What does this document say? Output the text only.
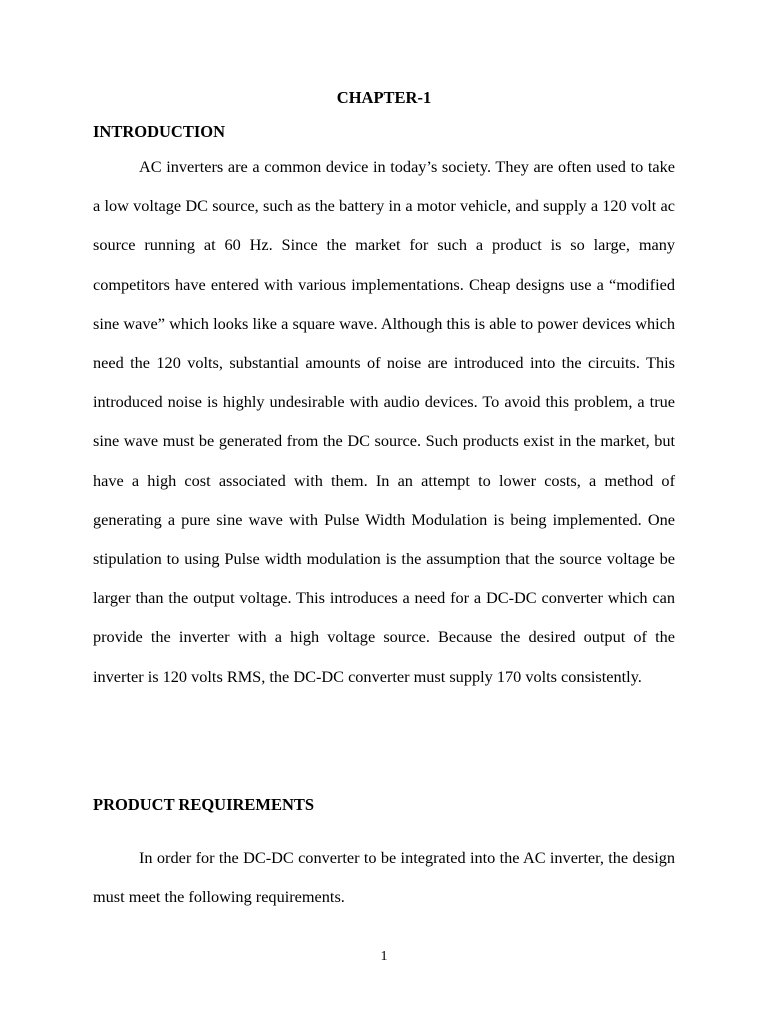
CHAPTER-1
INTRODUCTION

AC inverters are a common device in today’s society. They are often used to take a low voltage DC source, such as the battery in a motor vehicle, and supply a 120 volt ac source running at 60 Hz. Since the market for such a product is so large, many competitors have entered with various implementations. Cheap designs use a “modified sine wave” which looks like a square wave. Although this is able to power devices which need the 120 volts, substantial amounts of noise are introduced into the circuits. This introduced noise is highly undesirable with audio devices. To avoid this problem, a true sine wave must be generated from the DC source. Such products exist in the market, but have a high cost associated with them. In an attempt to lower costs, a method of generating a pure sine wave with Pulse Width Modulation is being implemented. One stipulation to using Pulse width modulation is the assumption that the source voltage be larger than the output voltage. This introduces a need for a DC-DC converter which can provide the inverter with a high voltage source. Because the desired output of the inverter is 120 volts RMS, the DC-DC converter must supply 170 volts consistently.

PRODUCT REQUIREMENTS

In order for the DC-DC converter to be integrated into the AC inverter, the design must meet the following requirements.

1
